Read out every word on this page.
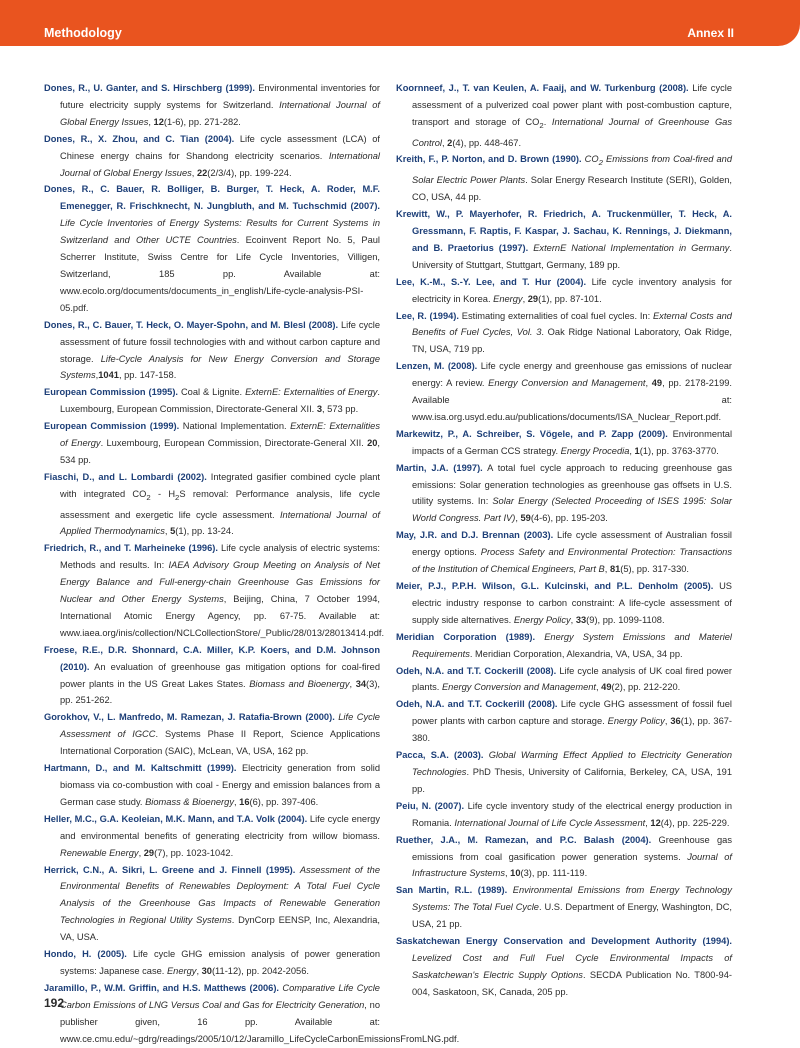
Methodology	Annex II

Dones, R., U. Ganter, and S. Hirschberg (1999). Environmental inventories for future electricity supply systems for Switzerland. International Journal of Global Energy Issues, 12(1-6), pp. 271-282.

Dones, R., X. Zhou, and C. Tian (2004). Life cycle assessment (LCA) of Chinese energy chains for Shandong electricity scenarios. International Journal of Global Energy Issues, 22(2/3/4), pp. 199-224.

Dones, R., C. Bauer, R. Bolliger, B. Burger, T. Heck, A. Roder, M.F. Emenegger, R. Frischknecht, N. Jungbluth, and M. Tuchschmid (2007). Life Cycle Inventories of Energy Systems: Results for Current Systems in Switzerland and Other UCTE Countries. Ecoinvent Report No. 5, Paul Scherrer Institute, Swiss Centre for Life Cycle Inventories, Villigen, Switzerland, 185 pp. Available at: www.ecolo.org/documents/documents_in_english/Life-cycle-analysis-PSI-05.pdf.

Dones, R., C. Bauer, T. Heck, O. Mayer-Spohn, and M. Blesl (2008). Life cycle assessment of future fossil technologies with and without carbon capture and storage. Life-Cycle Analysis for New Energy Conversion and Storage Systems,1041, pp. 147-158.

European Commission (1995). Coal & Lignite. ExternE: Externalities of Energy. Luxembourg, European Commission, Directorate-General XII. 3, 573 pp.

European Commission (1999). National Implementation. ExternE: Externalities of Energy. Luxembourg, European Commission, Directorate-General XII. 20, 534 pp.

Fiaschi, D., and L. Lombardi (2002). Integrated gasifier combined cycle plant with integrated $CO_2 - H_2S$ removal: Performance analysis, life cycle assessment and exergetic life cycle assessment. International Journal of Applied Thermodynamics, 5(1), pp. 13-24.

Friedrich, R., and T. Marheineke (1996). Life cycle analysis of electric systems: Methods and results. In: IAEA Advisory Group Meeting on Analysis of Net Energy Balance and Full-energy-chain Greenhouse Gas Emissions for Nuclear and Other Energy Systems, Beijing, China, 7 October 1994, International Atomic Energy Agency, pp. 67-75. Available at: www.iaea.org/inis/collection/NCLCollectionStore/_Public/28/013/28013414.pdf.

Froese, R.E., D.R. Shonnard, C.A. Miller, K.P. Koers, and D.M. Johnson (2010). An evaluation of greenhouse gas mitigation options for coal-fired power plants in the US Great Lakes States. Biomass and Bioenergy, 34(3), pp. 251-262.

Gorokhov, V., L. Manfredo, M. Ramezan, J. Ratafia-Brown (2000). Life Cycle Assessment of IGCC. Systems Phase II Report, Science Applications International Corporation (SAIC), McLean, VA, USA, 162 pp.

Hartmann, D., and M. Kaltschmitt (1999). Electricity generation from solid biomass via co-combustion with coal - Energy and emission balances from a German case study. Biomass & Bioenergy, 16(6), pp. 397-406.

Heller, M.C., G.A. Keoleian, M.K. Mann, and T.A. Volk (2004). Life cycle energy and environmental benefits of generating electricity from willow biomass. Renewable Energy, 29(7), pp. 1023-1042.

Herrick, C.N., A. Sikri, L. Greene and J. Finnell (1995). Assessment of the Environmental Benefits of Renewables Deployment: A Total Fuel Cycle Analysis of the Greenhouse Gas Impacts of Renewable Generation Technologies in Regional Utility Systems. DynCorp EENSP, Inc, Alexandria, VA, USA.

Hondo, H. (2005). Life cycle GHG emission analysis of power generation systems: Japanese case. Energy, 30(11-12), pp. 2042-2056.

Jaramillo, P., W.M. Griffin, and H.S. Matthews (2006). Comparative Life Cycle Carbon Emissions of LNG Versus Coal and Gas for Electricity Generation, no publisher given, 16 pp. Available at: www.ce.cmu.edu/~gdrg/readings/2005/10/12/Jaramillo_LifeCycleCarbonEmissionsFromLNG.pdf.

Koornneef, J., T. van Keulen, A. Faaij, and W. Turkenburg (2008). Life cycle assessment of a pulverized coal power plant with post-combustion capture, transport and storage of $CO_2$. International Journal of Greenhouse Gas Control, 2(4), pp. 448-467.

Kreith, F., P. Norton, and D. Brown (1990). $CO_2$ Emissions from Coal-fired and Solar Electric Power Plants. Solar Energy Research Institute (SERI), Golden, CO, USA, 44 pp.

Krewitt, W., P. Mayerhofer, R. Friedrich, A. Truckenmüller, T. Heck, A. Gressmann, F. Raptis, F. Kaspar, J. Sachau, K. Rennings, J. Diekmann, and B. Praetorius (1997). ExternE National Implementation in Germany. University of Stuttgart, Stuttgart, Germany, 189 pp.

Lee, K.-M., S.-Y. Lee, and T. Hur (2004). Life cycle inventory analysis for electricity in Korea. Energy, 29(1), pp. 87-101.

Lee, R. (1994). Estimating externalities of coal fuel cycles. In: External Costs and Benefits of Fuel Cycles, Vol. 3. Oak Ridge National Laboratory, Oak Ridge, TN, USA, 719 pp.

Lenzen, M. (2008). Life cycle energy and greenhouse gas emissions of nuclear energy: A review. Energy Conversion and Management, 49, pp. 2178-2199. Available at: www.isa.org.usyd.edu.au/publications/documents/ISA_Nuclear_Report.pdf.

Markewitz, P., A. Schreiber, S. Vögele, and P. Zapp (2009). Environmental impacts of a German CCS strategy. Energy Procedia, 1(1), pp. 3763-3770.

Martin, J.A. (1997). A total fuel cycle approach to reducing greenhouse gas emissions: Solar generation technologies as greenhouse gas offsets in U.S. utility systems. In: Solar Energy (Selected Proceeding of ISES 1995: Solar World Congress. Part IV), 59(4-6), pp. 195-203.

May, J.R. and D.J. Brennan (2003). Life cycle assessment of Australian fossil energy options. Process Safety and Environmental Protection: Transactions of the Institution of Chemical Engineers, Part B, 81(5), pp. 317-330.

Meier, P.J., P.P.H. Wilson, G.L. Kulcinski, and P.L. Denholm (2005). US electric industry response to carbon constraint: A life-cycle assessment of supply side alternatives. Energy Policy, 33(9), pp. 1099-1108.

Meridian Corporation (1989). Energy System Emissions and Materiel Requirements. Meridian Corporation, Alexandria, VA, USA, 34 pp.

Odeh, N.A. and T.T. Cockerill (2008). Life cycle analysis of UK coal fired power plants. Energy Conversion and Management, 49(2), pp. 212-220.

Odeh, N.A. and T.T. Cockerill (2008). Life cycle GHG assessment of fossil fuel power plants with carbon capture and storage. Energy Policy, 36(1), pp. 367-380.

Pacca, S.A. (2003). Global Warming Effect Applied to Electricity Generation Technologies. PhD Thesis, University of California, Berkeley, CA, USA, 191 pp.

Peiu, N. (2007). Life cycle inventory study of the electrical energy production in Romania. International Journal of Life Cycle Assessment, 12(4), pp. 225-229.

Ruether, J.A., M. Ramezan, and P.C. Balash (2004). Greenhouse gas emissions from coal gasification power generation systems. Journal of Infrastructure Systems, 10(3), pp. 111-119.

San Martin, R.L. (1989). Environmental Emissions from Energy Technology Systems: The Total Fuel Cycle. U.S. Department of Energy, Washington, DC, USA, 21 pp.

Saskatchewan Energy Conservation and Development Authority (1994). Levelized Cost and Full Fuel Cycle Environmental Impacts of Saskatchewan's Electric Supply Options. SECDA Publication No. T800-94-004, Saskatoon, SK, Canada, 205 pp.

192
